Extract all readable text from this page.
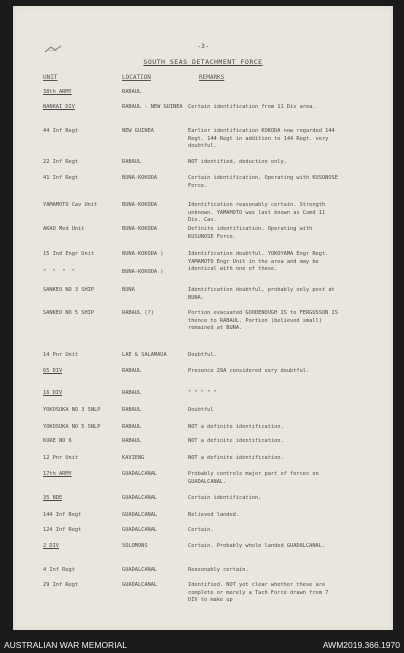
-3-
SOUTH SEAS DETACHMENT FORCE
UNIT	LOCATION	REMARKS
38th ARMY	RABAUL
NANKAI DIV	RABAUL - NEW GUINEA	Certain identification from 11 Div area.
44 Inf Regt	NEW GUINEA	Earlier identification KOKODA now regarded 144 Regt. 144 Regt in addition to 144 Regt. very doubtful.
22 Inf Regt	RABAUL	NOT identified, deduction only.
41 Inf Regt	BUNA-KOKODA	Certain identification. Operating with KUSUNOSE Force.
YAMAMOTO Cav Unit	BUNA-KOKODA	Identification reasonably certain. Strength unknown. YAMAMOTO was last known as Comd 11 Div. Cav.
AKAO Med Unit	BUNA-KOKODA	Definite identification. Operating with KUSUNOSE Force.
15 Ind Engr Unit	BUNA-KOKODA )	Identification doubtful. YOKOYAMA Engr Regt. YAMAMOTO Engr Unit in the area and may be identical with one of these.
"  "  "  "	BUNA-KOKODA )
SANKEO NO 3 SHIP	BUNA	Identification doubtful, probably only post at BUNA.
SANKEO NO 5 SHIP	RABAUL (?)	Portion evacuated GOODENOUGH IS to FERGUSSON IS thence to RABAUL. Portion (believed small) remained at BUNA.
14 Pnr Unit	LAE & SALAMAUA	Doubtful.
65 DIV	RABAUL	Presence 29A considered very doubtful.
16 DIV	RABAUL	" " " " "
YOKOSUKA NO 3 SNLP	RABAUL	Doubtful
YOKOSUKA NO 5 SNLP	RABAUL	NOT a definite identification.
KURE NO 6	RABAUL	NOT a definite identification.
12 Pnr Unit	KAVIENG	NOT a definite identification.
17th ARMY	GUADALCANAL	Probably controls major part of forces on GUADALCANAL.
35 BDE	GUADALCANAL	Certain identification.
144 Inf Regt	GUADALCANAL	Believed landed.
124 Inf Regt	GUADALCANAL	Certain.
2 DIV	SOLOMONS	Certain. Probably whole landed GUADALCANAL.
4 Inf Regt	GUADALCANAL	Reasonably certain.
29 Inf Regt	GUADALCANAL	Identified. NOT yet clear whether these are complete or merely a Tach Force drawn from 7 DIV to make up
AUSTRALIAN WAR MEMORIAL	AWM2019.366.1970
